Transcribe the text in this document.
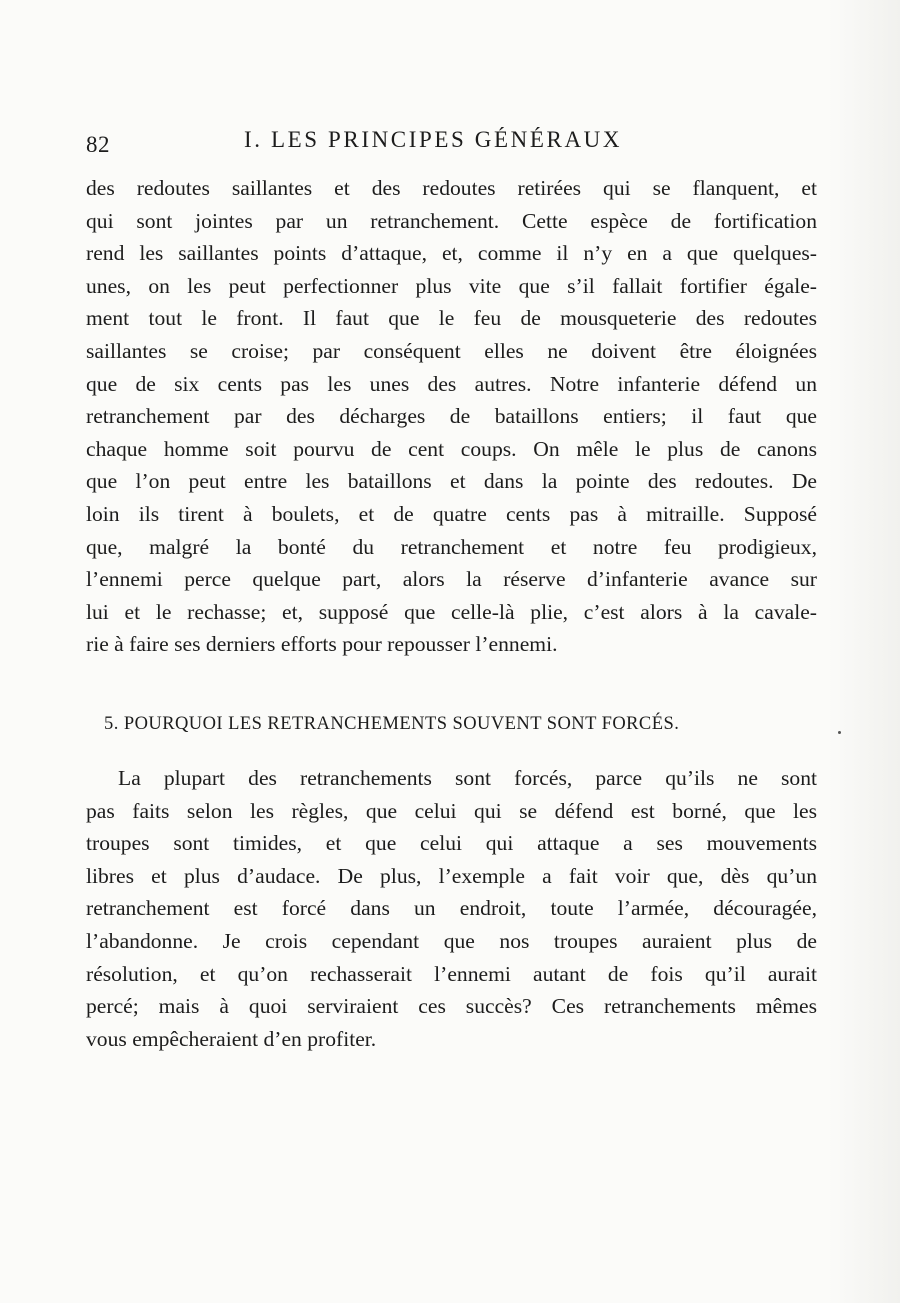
82	I. LES PRINCIPES GÉNÉRAUX
des redoutes saillantes et des redoutes retirées qui se flanquent, et
qui sont jointes par un retranchement. Cette espèce de fortification
rend les saillantes points d’attaque, et, comme il n’y en a que quelques-
unes, on les peut perfectionner plus vite que s’il fallait fortifier égale-
ment tout le front. Il faut que le feu de mousqueterie des redoutes
saillantes se croise; par conséquent elles ne doivent être éloignées
que de six cents pas les unes des autres. Notre infanterie défend un
retranchement par des décharges de bataillons entiers; il faut que
chaque homme soit pourvu de cent coups. On mêle le plus de canons
que l’on peut entre les bataillons et dans la pointe des redoutes. De
loin ils tirent à boulets, et de quatre cents pas à mitraille. Supposé
que, malgré la bonté du retranchement et notre feu prodigieux,
l’ennemi perce quelque part, alors la réserve d’infanterie avance sur
lui et le rechasse; et, supposé que celle-là plie, c’est alors à la cavale-
rie à faire ses derniers efforts pour repousser l’ennemi.
5. POURQUOI LES RETRANCHEMENTS SOUVENT SONT FORCÉS.
La plupart des retranchements sont forcés, parce qu’ils ne sont
pas faits selon les règles, que celui qui se défend est borné, que les
troupes sont timides, et que celui qui attaque a ses mouvements
libres et plus d’audace. De plus, l’exemple a fait voir que, dès qu’un
retranchement est forcé dans un endroit, toute l’armée, découragée,
l’abandonne. Je crois cependant que nos troupes auraient plus de
résolution, et qu’on rechasserait l’ennemi autant de fois qu’il aurait
percé; mais à quoi serviraient ces succès? Ces retranchements mêmes
vous empêcheraient d’en profiter.
